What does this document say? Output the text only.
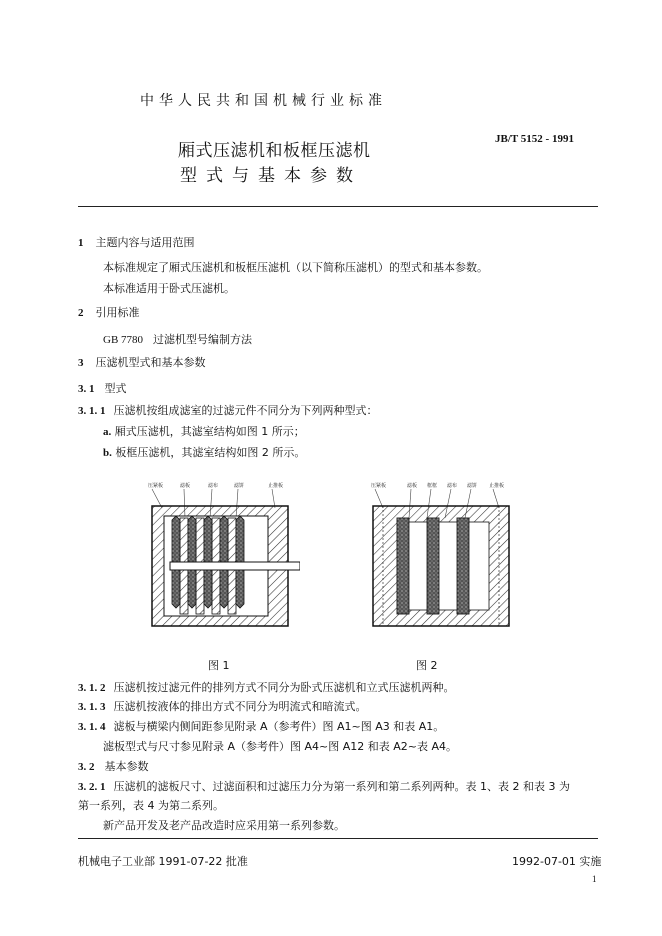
中华人民共和国机械行业标准
厢式压滤机和板框压滤机
型式与基本参数
JB/T 5152 - 1991
1 主题内容与适用范围
本标准规定了厢式压滤机和板框压滤机（以下简称压滤机）的型式和基本参数。
本标准适用于卧式压滤机。
2 引用标准
GB 7780 过滤机型号编制方法
3 压滤机型式和基本参数
3. 1 型式
3. 1. 1 压滤机按组成滤室的过滤元件不同分为下列两种型式：
a. 厢式压滤机，其滤室结构如图 1 所示；
b. 板框压滤机，其滤室结构如图 2 所示。
压紧板	滤板	滤布	滤饼	止推板	压紧板	滤板 框框 滤布 滤饼 止推板
图 1	图 2
3. 1. 2 压滤机按过滤元件的排列方式不同分为卧式压滤机和立式压滤机两种。
3. 1. 3 压滤机按液体的排出方式不同分为明流式和暗流式。
3. 1. 4 滤板与横梁内侧间距参见附录 A（参考件）图 A1~图 A3 和表 A1。
滤板型式与尺寸参见附录 A（参考件）图 A4~图 A12 和表 A2~表 A4。
3. 2 基本参数
3. 2. 1 压滤机的滤板尺寸、过滤面积和过滤压力分为第一系列和第二系列两种。表 1、表 2 和表 3 为
第一系列，表 4 为第二系列。
新产品开发及老产品改造时应采用第一系列参数。
机械电子工业部 1991-07-22 批准	1992-07-01 实施
1
